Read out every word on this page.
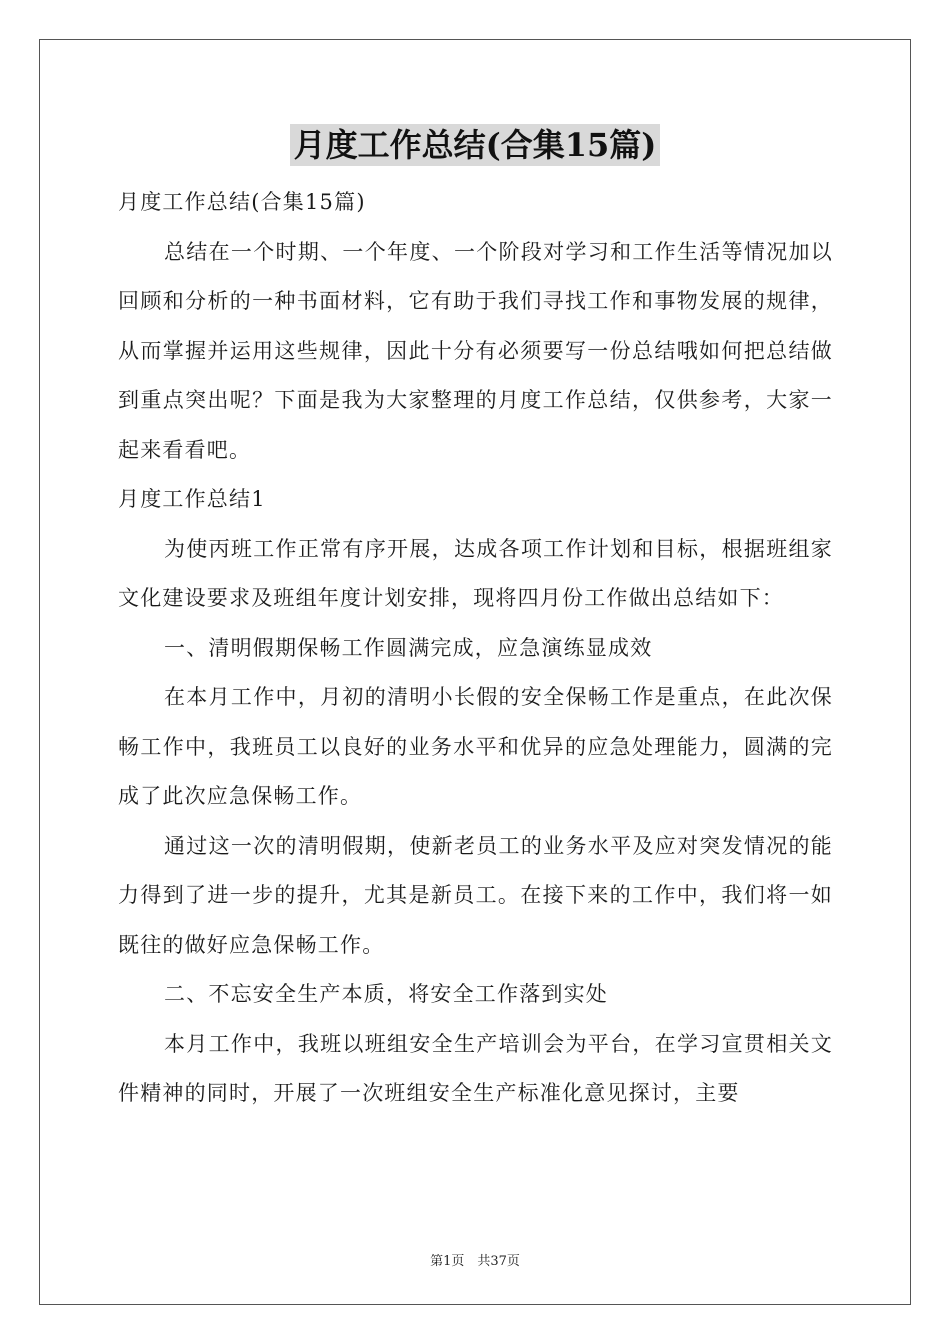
月度工作总结(合集15篇)

月度工作总结(合集15篇)

总结在一个时期、一个年度、一个阶段对学习和工作生活等情况加以回顾和分析的一种书面材料，它有助于我们寻找工作和事物发展的规律，从而掌握并运用这些规律，因此十分有必须要写一份总结哦如何把总结做到重点突出呢？下面是我为大家整理的月度工作总结，仅供参考，大家一起来看看吧。

月度工作总结1

为使丙班工作正常有序开展，达成各项工作计划和目标，根据班组家文化建设要求及班组年度计划安排，现将四月份工作做出总结如下：

一、清明假期保畅工作圆满完成，应急演练显成效

在本月工作中，月初的清明小长假的安全保畅工作是重点，在此次保畅工作中，我班员工以良好的业务水平和优异的应急处理能力，圆满的完成了此次应急保畅工作。

通过这一次的清明假期，使新老员工的业务水平及应对突发情况的能力得到了进一步的提升，尤其是新员工。在接下来的工作中，我们将一如既往的做好应急保畅工作。

二、不忘安全生产本质，将安全工作落到实处

本月工作中，我班以班组安全生产培训会为平台，在学习宣贯相关文件精神的同时，开展了一次班组安全生产标准化意见探讨，主要

第1页　共37页
